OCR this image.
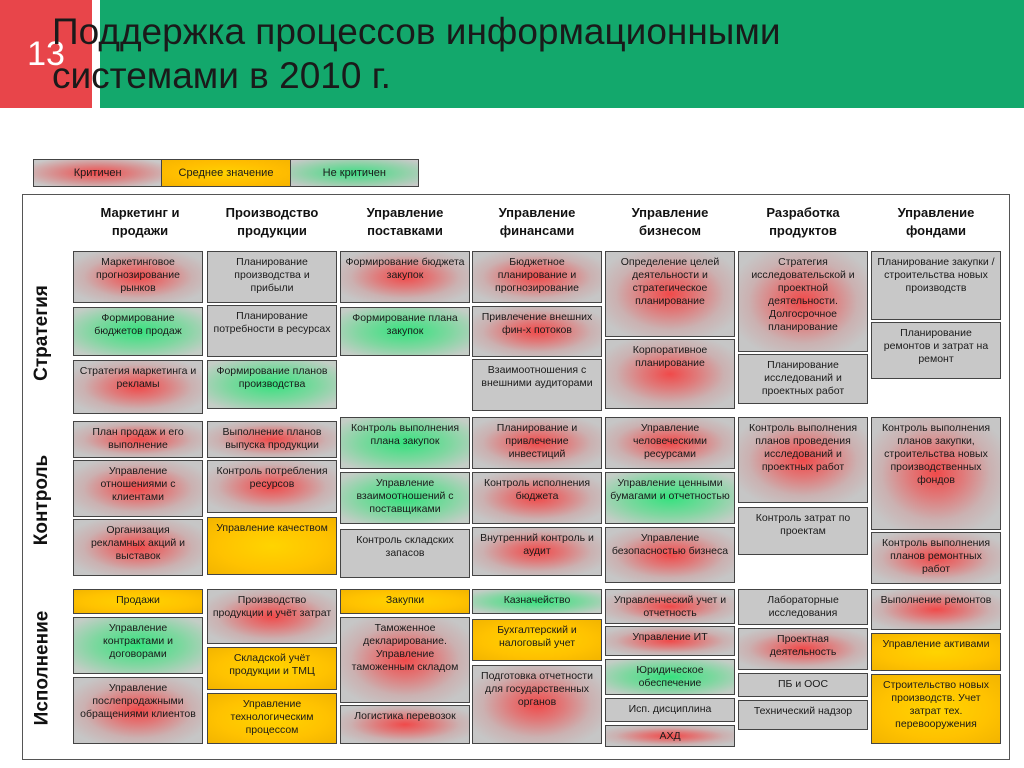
13
Поддержка процессов информационными
системами в 2010 г.
Критичен	Среднее значение	Не критичен
Стратегия
Контроль
Исполнение
Маркетинг и продажи
Производство продукции
Управление поставками
Управление финансами
Управление бизнесом
Разработка продуктов
Управление фондами
Маркетинговое прогнозирование рынков
Формирование бюджетов продаж
Стратегия маркетинга и рекламы
План продаж и его выполнение
Управление отношениями с клиентами
Организация рекламных акций и выставок
Продажи
Управление контрактами и договорами
Управление послепродажными обращениями клиентов
Планирование производства и прибыли
Планирование потребности в ресурсах
Формирование планов производства
Выполнение планов выпуска продукции
Контроль потребления ресурсов
Управление качеством
Производство продукции и учёт затрат
Складской учёт продукции и ТМЦ
Управление технологическим процессом
Формирование бюджета закупок
Формирование плана закупок
Контроль выполнения плана закупок
Управление взаимоотношений с поставщиками
Контроль складских запасов
Закупки
Таможенное декларирование. Управление таможенным складом
Логистика перевозок
Бюджетное планирование и прогнозирование
Привлечение внешних фин-х потоков
Взаимоотношения с внешними аудиторами
Планирование и привлечение инвестиций
Контроль исполнения бюджета
Внутренний контроль и аудит
Казначейство
Бухгалтерский и налоговый учет
Подготовка отчетности для государственных органов
Определение целей деятельности и стратегическое планирование
Корпоративное планирование
Управление человеческими ресурсами
Управление ценными бумагами и отчетностью
Управление безопасностью бизнеса
Управленческий учет и отчетность
Управление ИТ
Юридическое обеспечение
Исп. дисциплина
АХД
Стратегия исследовательской и проектной деятельности. Долгосрочное планирование
Планирование исследований и проектных работ
Контроль выполнения планов проведения исследований и проектных работ
Контроль затрат по проектам
Лабораторные исследования
Проектная деятельность
ПБ и ООС
Технический надзор
Планирование закупки / строительства новых производств
Планирование ремонтов и затрат на ремонт
Контроль выполнения планов закупки, строительства новых производственных фондов
Контроль выполнения планов ремонтных работ
Выполнение ремонтов
Управление активами
Строительство новых производств. Учет затрат тех. перевооружения
